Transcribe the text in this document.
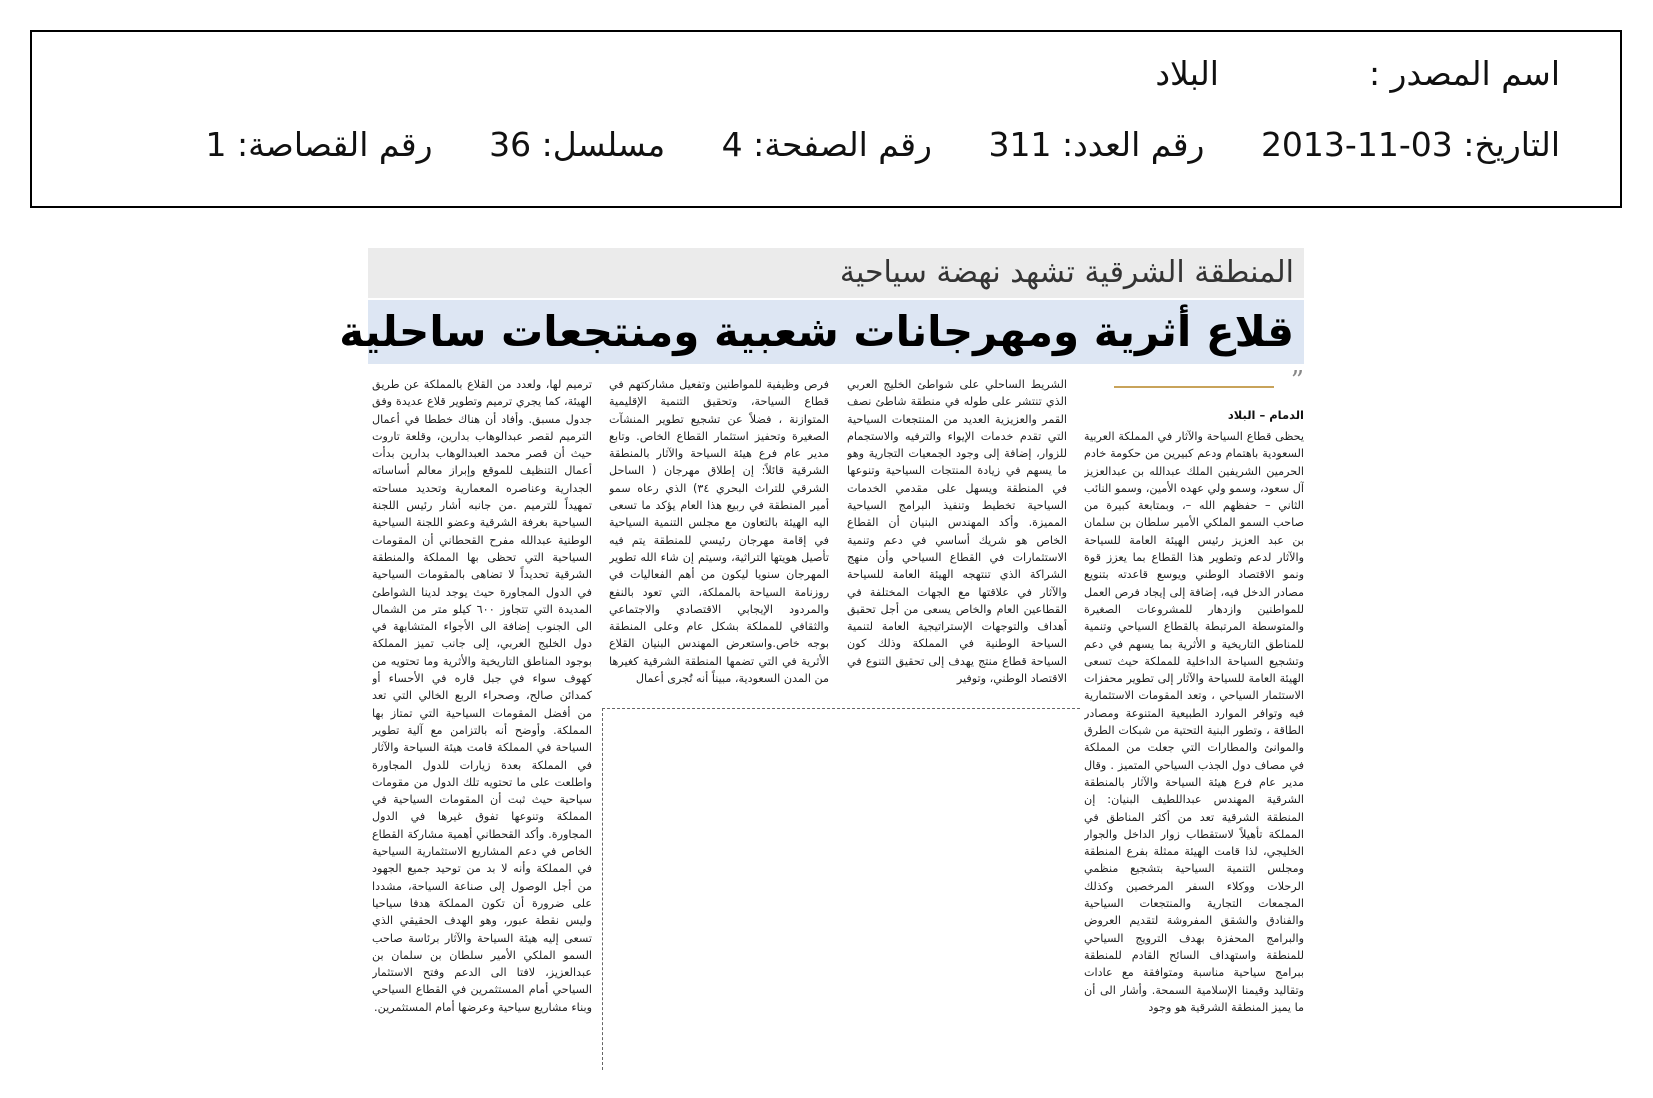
اسم المصدر :البلاد
التاريخ: 2013-11-03 رقم العدد: 311 رقم الصفحة: 4 مسلسل: 36 رقم القصاصة: 1
المنطقة الشرقية تشهد نهضة سياحية
قلاع أثرية ومهرجانات شعبية ومنتجعات ساحلية
”
الدمام – البلاد

يحظى قطاع السياحة والآثار في المملكة العربية السعودية باهتمام ودعم كبيرين من حكومة خادم الحرمين الشريفين الملك عبدالله بن عبدالعزيز آل سعود، وسمو ولي عهده الأمين، وسمو النائب الثاني – حفظهم الله –، وبمتابعة كبيرة من صاحب السمو الملكي الأمير سلطان بن سلمان بن عبد العزيز رئيس الهيئة العامة للسياحة والآثار لدعم وتطوير هذا القطاع بما يعزز قوة ونمو الاقتصاد الوطني ويوسع قاعدته بتنويع مصادر الدخل فيه، إضافة إلى إيجاد فرص العمل للمواطنين وازدهار للمشروعات الصغيرة والمتوسطة المرتبطة بالقطاع السياحي وتنمية للمناطق التاريخية و الأثرية بما يسهم في دعم وتشجيع السياحة الداخلية للمملكة حيث تسعى الهيئة العامة للسياحة والآثار إلى تطوير محفزات الاستثمار السياحي ، وتعد المقومات الاستثمارية فيه وتوافر الموارد الطبيعية المتنوعة ومصادر الطاقة ، وتطور البنية التحتية من شبكات الطرق والموانئ والمطارات التي جعلت من المملكة في مصاف دول الجذب السياحي المتميز . وقال مدير عام فرع هيئة السياحة والآثار بالمنطقة الشرقية المهندس عبداللطيف البنيان: إن المنطقة الشرقية تعد من أكثر المناطق في المملكة تأهيلاً لاستقطاب زوار الداخل والجوار الخليجي، لذا قامت الهيئة ممثلة بفرع المنطقة ومجلس التنمية السياحية بتشجيع منظمي الرحلات ووكلاء السفر المرخصين وكذلك المجمعات التجارية والمنتجعات السياحية والفنادق والشقق المفروشة لتقديم العروض والبرامج المحفزة بهدف الترويج السياحي للمنطقة واستهداف السائح القادم للمنطقة ببرامج سياحية مناسبة ومتوافقة مع عادات وتقاليد وقيمنا الإسلامية السمحة. وأشار الى أن ما يميز المنطقة الشرقية هو وجود

الشريط الساحلي على شواطئ الخليج العربي الذي تنتشر على طوله في منطقة شاطئ نصف القمر والعزيزية العديد من المنتجعات السياحية التي تقدم خدمات الإيواء والترفيه والاستجمام للزوار، إضافة إلى وجود الجمعيات التجارية وهو ما يسهم في زيادة المنتجات السياحية وتنوعها في المنطقة ويسهل على مقدمي الخدمات السياحية تخطيط وتنفيذ البرامج السياحية المميزة. وأكد المهندس البنيان أن القطاع الخاص هو شريك أساسي في دعم وتنمية الاستثمارات في القطاع السياحي وأن منهج الشراكة الذي تنتهجه الهيئة العامة للسياحة والآثار في علاقتها مع الجهات المختلفة في القطاعين العام والخاص يسعى من أجل تحقيق أهداف والتوجهات الإستراتيجية العامة لتنمية السياحة الوطنية في المملكة وذلك كون السياحة قطاع منتج يهدف إلى تحقيق التنوع في الاقتصاد الوطني، وتوفير

فرص وظيفية للمواطنين وتفعيل مشاركتهم في قطاع السياحة، وتحقيق التنمية الإقليمية المتوازنة ، فضلاً عن تشجيع تطوير المنشآت الصغيرة وتحفيز استثمار القطاع الخاص. وتابع مدير عام فرع هيئة السياحة والآثار بالمنطقة الشرقية قائلاً: إن إطلاق مهرجان ( الساحل الشرقي للتراث البحري ٣٤) الذي رعاه سمو أمير المنطقة في ربيع هذا العام يؤكد ما تسعى اليه الهيئة بالتعاون مع مجلس التنمية السياحية في إقامة مهرجان رئيسي للمنطقة يتم فيه تأصيل هويتها التراثية، وسيتم إن شاء الله تطوير المهرجان سنويا ليكون من أهم الفعاليات في روزنامة السياحة بالمملكة، التي تعود بالنفع والمردود الإيجابي الاقتصادي والاجتماعي والثقافي للمملكة بشكل عام وعلى المنطقة بوجه خاص.واستعرض المهندس البنيان القلاع الأثرية في التي تضمها المنطقة الشرقية كغيرها من المدن السعودية، مبيناً أنه تُجرى أعمال

ترميم لها، ولعدد من القلاع بالمملكة عن طريق الهيئة، كما يجري ترميم وتطوير قلاع عديدة وفق جدول مسبق. وأفاد أن هناك خططا في أعمال الترميم لقصر عبدالوهاب بدارين، وقلعة تاروت حيث أن قصر محمد العبدالوهاب بدارين بدأت أعمال التنظيف للموقع وإبراز معالم أساساته الجدارية وعناصره المعمارية وتحديد مساحته تمهيداً للترميم .من جانبه أشار رئيس اللجنة السياحية بغرفة الشرقية وعضو اللجنة السياحية الوطنية عبدالله مفرح القحطاني أن المقومات السياحية التي تحظى بها المملكة والمنطقة الشرقية تحديداً لا تضاهى بالمقومات السياحية في الدول المجاورة حيث يوجد لدينا الشواطئ المديدة التي تتجاوز ٦٠٠ كيلو متر من الشمال الى الجنوب إضافة الى الأجواء المتشابهة في دول الخليج العربي، إلى جانب تميز المملكة بوجود المناطق التاريخية والأثرية وما تحتويه من كهوف سواء في جبل قاره في الأحساء أو كمدائن صالح، وصحراء الربع الخالي التي تعد من أفضل المقومات السياحية التي تمتاز بها المملكة. وأوضح أنه بالتزامن مع آلية تطوير السياحة في المملكة قامت هيئة السياحة والآثار في المملكة بعدة زيارات للدول المجاورة واطلعت على ما تحتويه تلك الدول من مقومات سياحية حيث ثبت أن المقومات السياحية في المملكة وتنوعها تفوق غيرها في الدول المجاورة. وأكد القحطاني أهمية مشاركة القطاع الخاص في دعم المشاريع الاستثمارية السياحية في المملكة وأنه لا بد من توحيد جميع الجهود من أجل الوصول إلى صناعة السياحة، مشددا على ضرورة أن تكون المملكة هدفا سياحيا وليس نقطة عبور، وهو الهدف الحقيقي الذي تسعى إليه هيئة السياحة والآثار برئاسة صاحب السمو الملكي الأمير سلطان بن سلمان بن عبدالعزيز، لافتا الى الدعم وفتح الاستثمار السياحي أمام المستثمرين في القطاع السياحي وبناء مشاريع سياحية وعرضها أمام المستثمرين.
